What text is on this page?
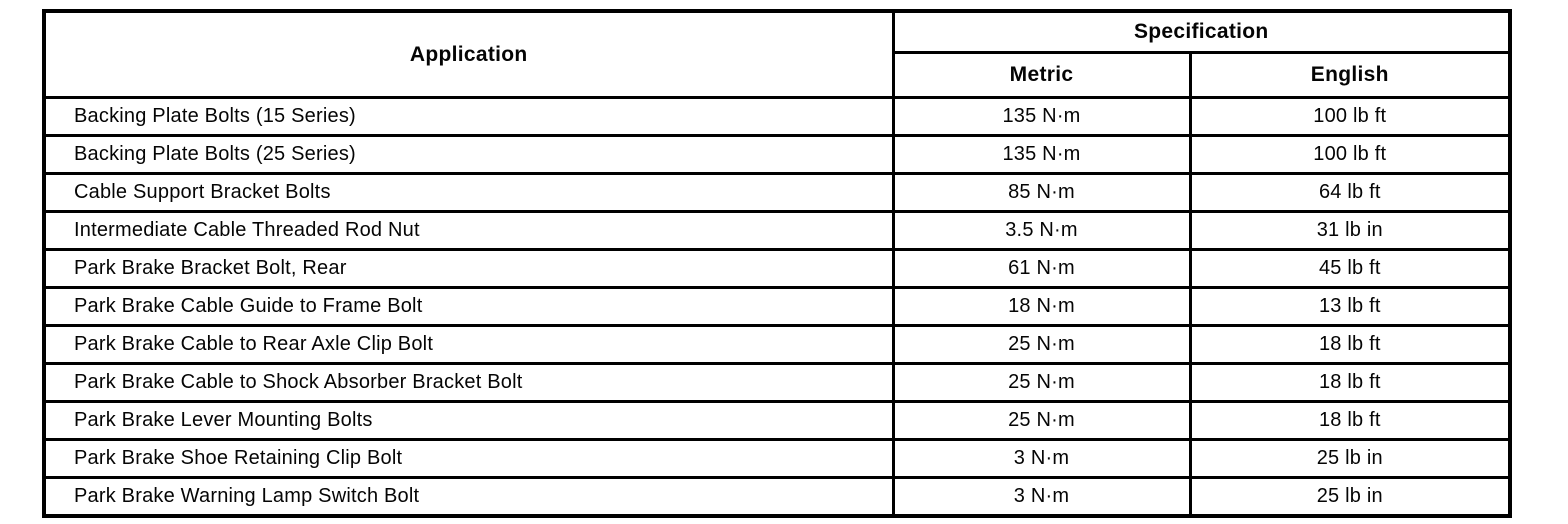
Application	Specification	
	Metric	English
Backing Plate Bolts (15 Series)	135 N·m	100 lb ft
Backing Plate Bolts (25 Series)	135 N·m	100 lb ft
Cable Support Bracket Bolts	85 N·m	64 lb ft
Intermediate Cable Threaded Rod Nut	3.5 N·m	31 lb in
Park Brake Bracket Bolt, Rear	61 N·m	45 lb ft
Park Brake Cable Guide to Frame Bolt	18 N·m	13 lb ft
Park Brake Cable to Rear Axle Clip Bolt	25 N·m	18 lb ft
Park Brake Cable to Shock Absorber Bracket Bolt	25 N·m	18 lb ft
Park Brake Lever Mounting Bolts	25 N·m	18 lb ft
Park Brake Shoe Retaining Clip Bolt	3 N·m	25 lb in
Park Brake Warning Lamp Switch Bolt	3 N·m	25 lb in
